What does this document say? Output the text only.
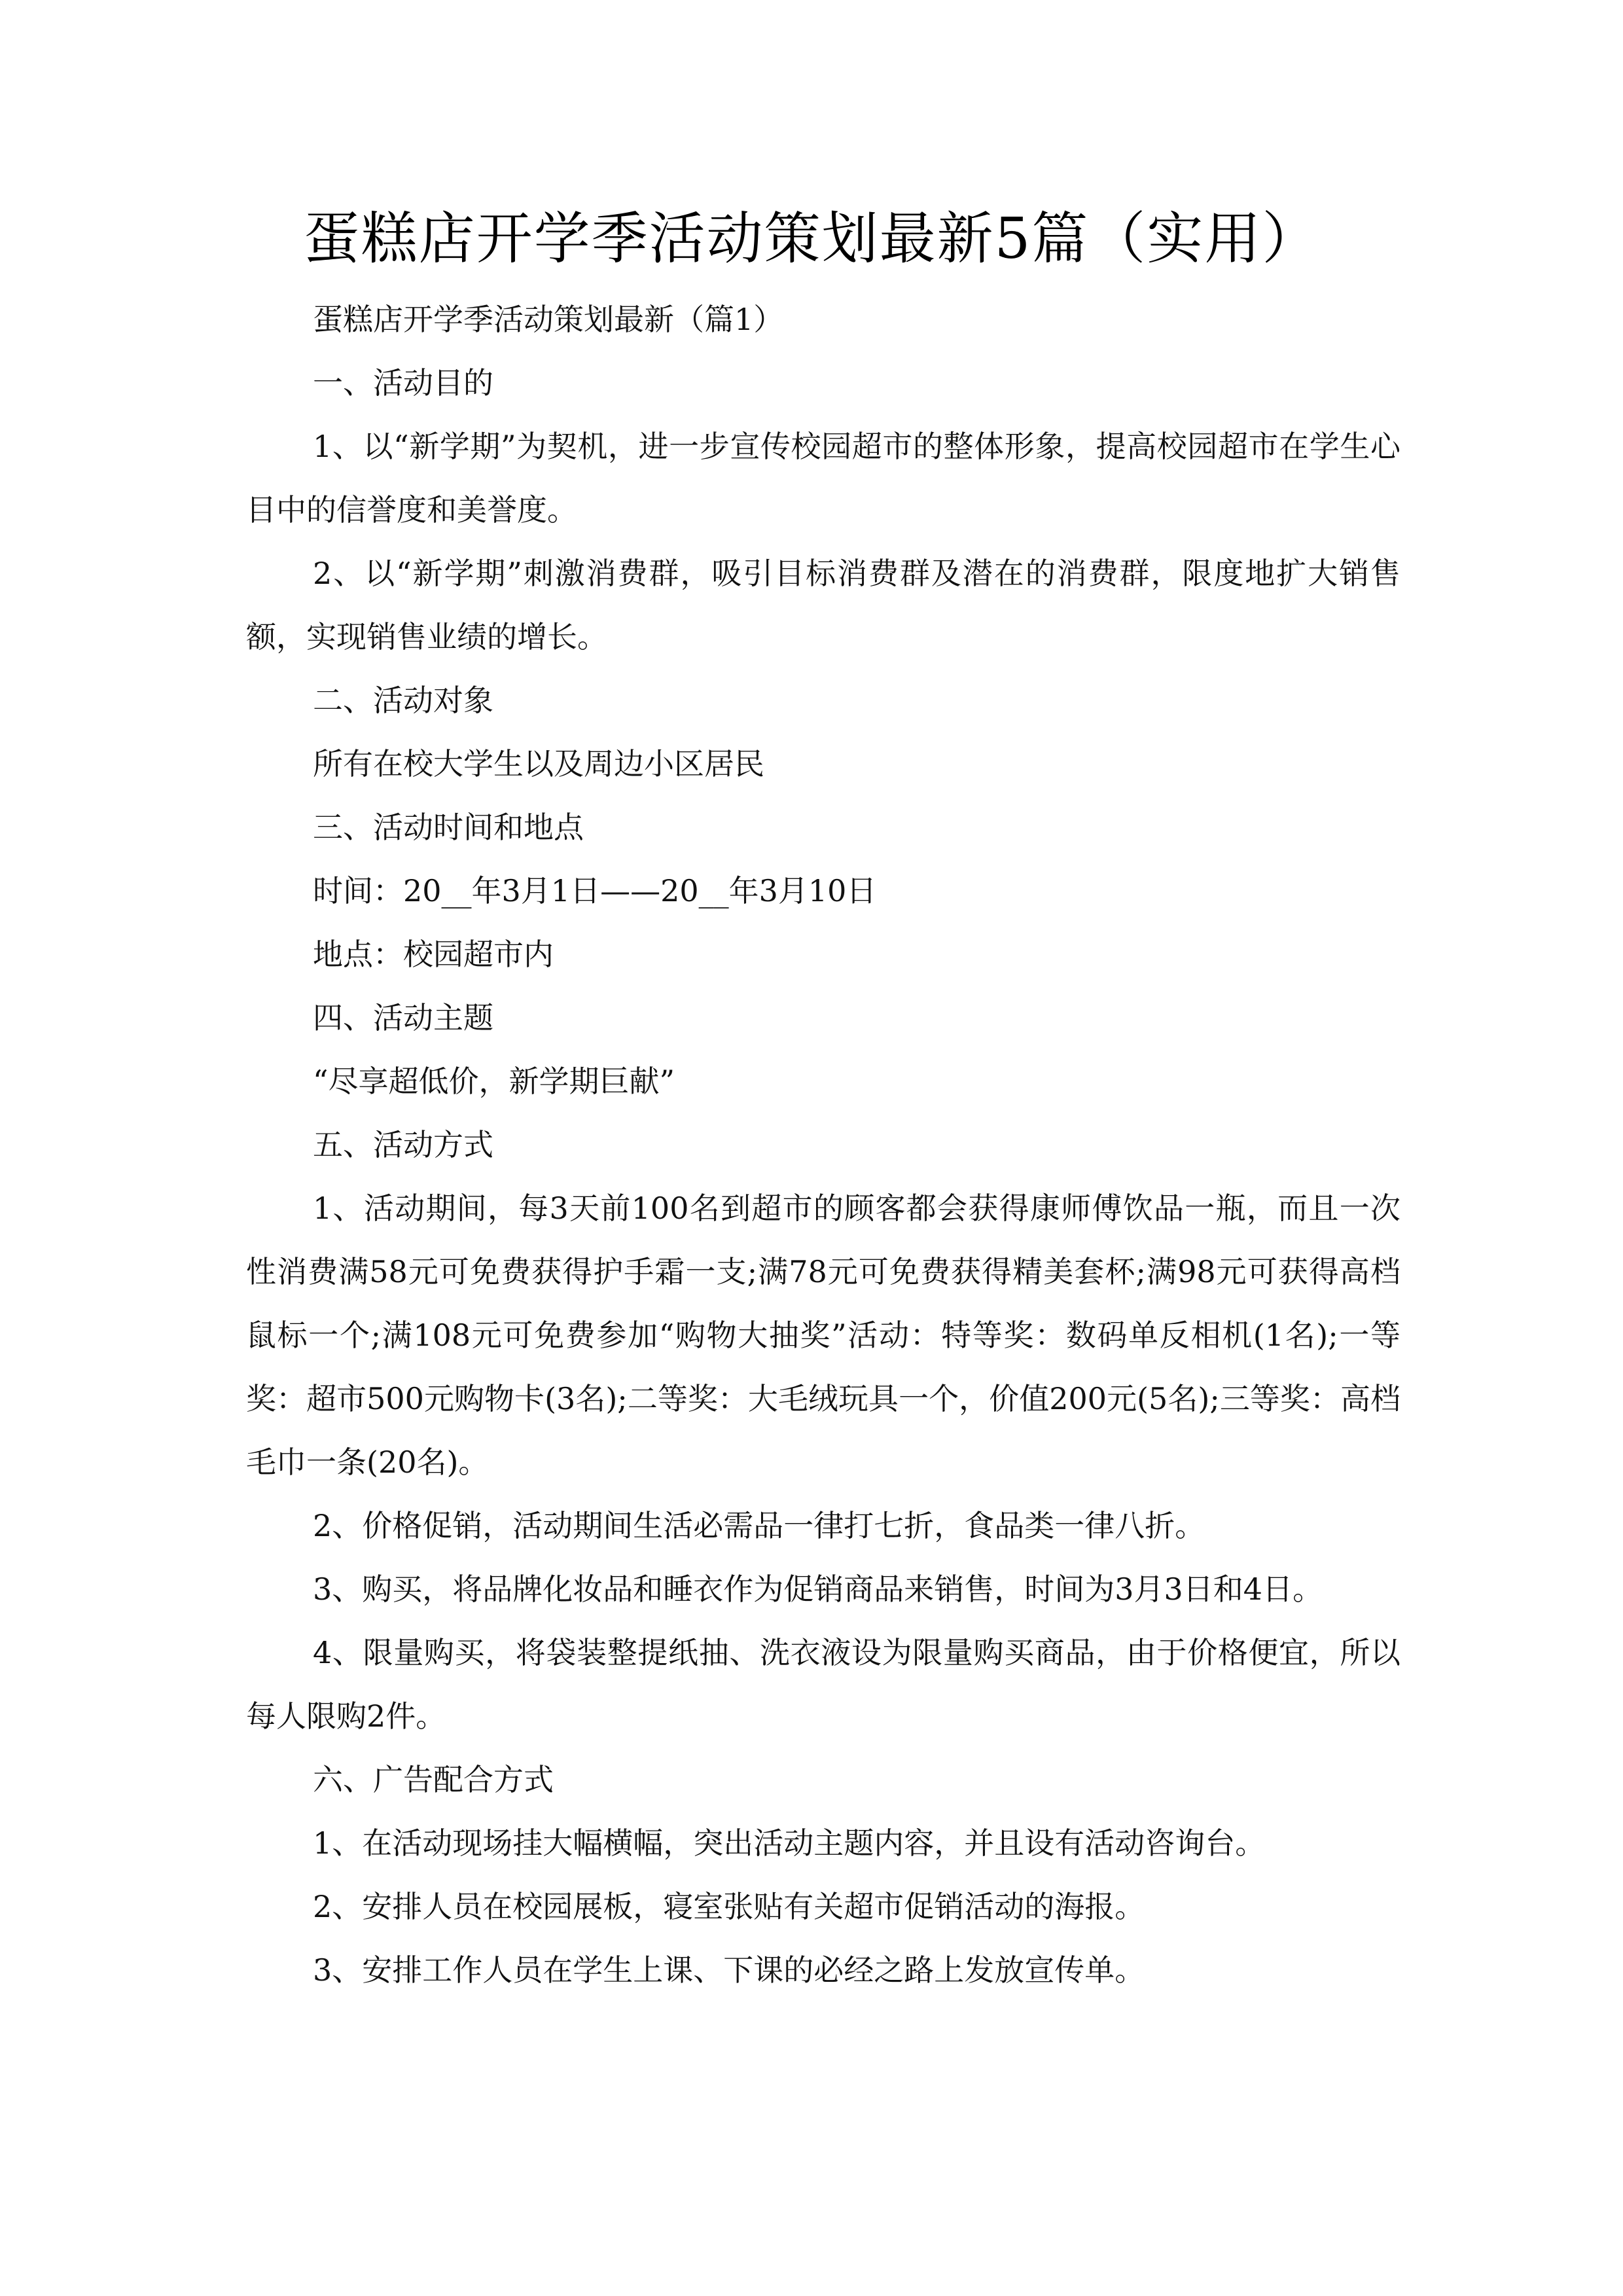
蛋糕店开学季活动策划最新5篇（实用）

蛋糕店开学季活动策划最新（篇1）

一、活动目的

1、以“新学期”为契机，进一步宣传校园超市的整体形象，提高校园超市在学生心目中的信誉度和美誉度。

2、以“新学期”刺激消费群，吸引目标消费群及潜在的消费群，限度地扩大销售额，实现销售业绩的增长。

二、活动对象

所有在校大学生以及周边小区居民

三、活动时间和地点

时间：20__年3月1日——20__年3月10日

地点：校园超市内

四、活动主题

“尽享超低价，新学期巨献”

五、活动方式

1、活动期间，每3天前100名到超市的顾客都会获得康师傅饮品一瓶，而且一次性消费满58元可免费获得护手霜一支;满78元可免费获得精美套杯;满98元可获得高档鼠标一个;满108元可免费参加“购物大抽奖”活动：特等奖：数码单反相机(1名);一等奖：超市500元购物卡(3名);二等奖：大毛绒玩具一个，价值200元(5名);三等奖：高档毛巾一条(20名)。

2、价格促销，活动期间生活必需品一律打七折，食品类一律八折。

3、购买，将品牌化妆品和睡衣作为促销商品来销售，时间为3月3日和4日。

4、限量购买，将袋装整提纸抽、洗衣液设为限量购买商品，由于价格便宜，所以每人限购2件。

六、广告配合方式

1、在活动现场挂大幅横幅，突出活动主题内容，并且设有活动咨询台。

2、安排人员在校园展板，寝室张贴有关超市促销活动的海报。

3、安排工作人员在学生上课、下课的必经之路上发放宣传单。
